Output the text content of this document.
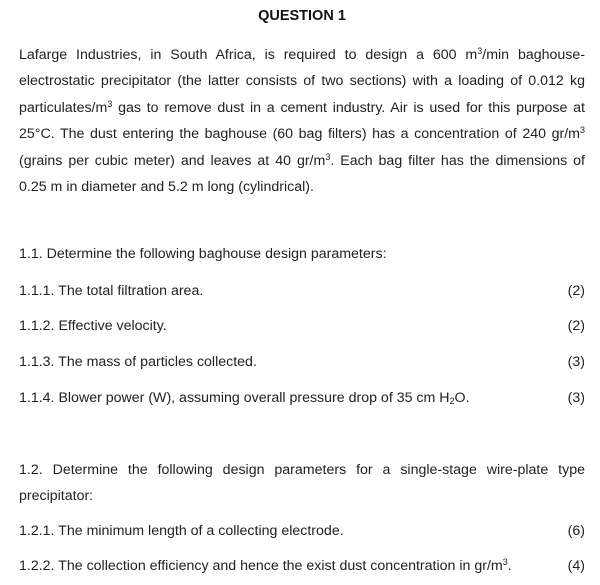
QUESTION 1
Lafarge Industries, in South Africa, is required to design a 600 $m^3/\min$ baghouse-electrostatic precipitator (the latter consists of two sections) with a loading of 0.012 kg particulates/$m^3$ gas to remove dust in a cement industry. Air is used for this purpose at 25°C. The dust entering the baghouse (60 bag filters) has a concentration of 240 $gr/m^3$ (grains per cubic meter) and leaves at 40 $gr/m^3$. Each bag filter has the dimensions of 0.25 m in diameter and 5.2 m long (cylindrical).
1.1. Determine the following baghouse design parameters:
1.1.1. The total filtration area.	(2)
1.1.2. Effective velocity.	(2)
1.1.3. The mass of particles collected.	(3)
1.1.4. Blower power (W), assuming overall pressure drop of 35 cm $H_2O$.	(3)
1.2. Determine the following design parameters for a single-stage wire-plate type precipitator:
1.2.1. The minimum length of a collecting electrode.	(6)
1.2.2. The collection efficiency and hence the exist dust concentration in $gr/m^3$.	(4)
